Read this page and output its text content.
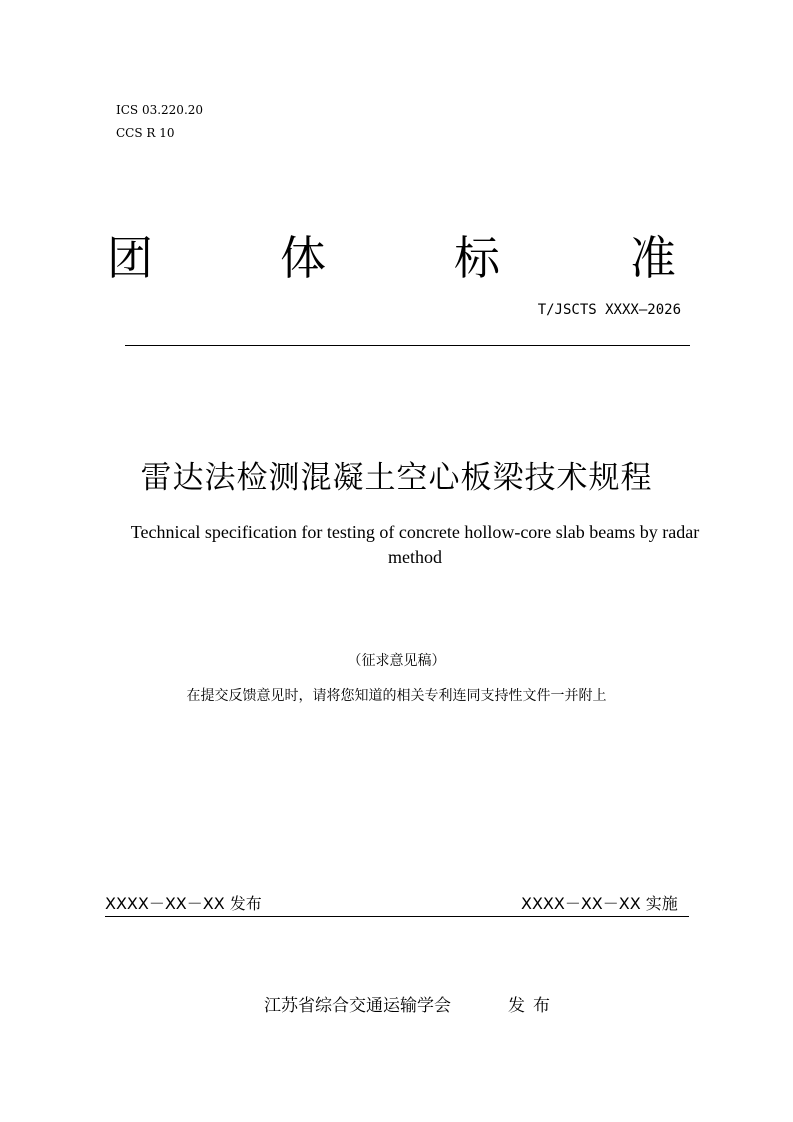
ICS 03.220.20
CCS R 10
团	体	标	准
T/JSCTS XXXX—2026
雷达法检测混凝土空心板梁技术规程
Technical specification for testing of concrete hollow-core slab beams by radar method
（征求意见稿）
在提交反馈意见时，请将您知道的相关专利连同支持性文件一并附上
XXXX－XX－XX 发布	XXXX－XX－XX 实施
江苏省综合交通运输学会	发布
